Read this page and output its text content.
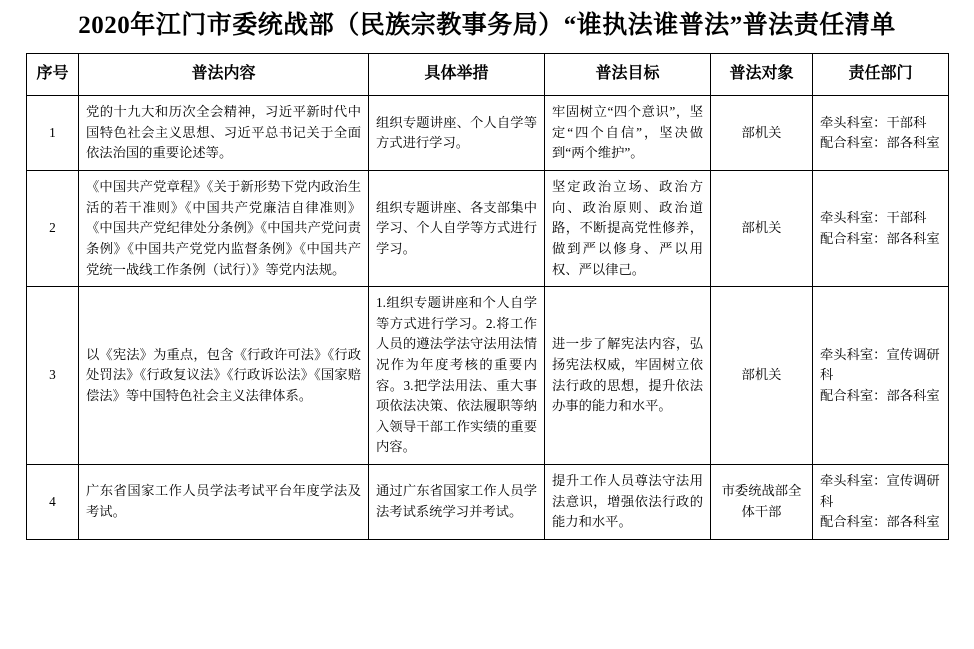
2020年江门市委统战部（民族宗教事务局）“谁执法谁普法”普法责任清单
序号	普法内容	具体举措	普法目标	普法对象	责任部门
1	党的十九大和历次全会精神，习近平新时代中国特色社会主义思想、习近平总书记关于全面依法治国的重要论述等。	组织专题讲座、个人自学等方式进行学习。	牢固树立“四个意识”，坚定“四个自信”，坚决做到“两个维护”。	部机关	牵头科室：干部科
配合科室：部各科室

2	《中国共产党章程》《关于新形势下党内政治生活的若干准则》《中国共产党廉洁自律准则》《中国共产党纪律处分条例》《中国共产党问责条例》《中国共产党党内监督条例》《中国共产党统一战线工作条例（试行）》等党内法规。	组织专题讲座、各支部集中学习、个人自学等方式进行学习。	坚定政治立场、政治方向、政治原则、政治道路，不断提高党性修养，做到严以修身、严以用权、严以律己。	部机关	牵头科室：干部科
配合科室：部各科室

3	以《宪法》为重点，包含《行政许可法》《行政处罚法》《行政复议法》《行政诉讼法》《国家赔偿法》等中国特色社会主义法律体系。	1.组织专题讲座和个人自学等方式进行学习。2.将工作人员的遵法学法守法用法情况作为年度考核的重要内容。3.把学法用法、重大事项依法决策、依法履职等纳入领导干部工作实绩的重要内容。	进一步了解宪法内容，弘扬宪法权威，牢固树立依法行政的思想，提升依法办事的能力和水平。	部机关	牵头科室：宣传调研科
配合科室：部各科室

4	广东省国家工作人员学法考试平台年度学法及考试。	通过广东省国家工作人员学法考试系统学习并考试。	提升工作人员尊法守法用法意识，增强依法行政的能力和水平。	市委统战部全体干部	牵头科室：宣传调研科
配合科室：部各科室
